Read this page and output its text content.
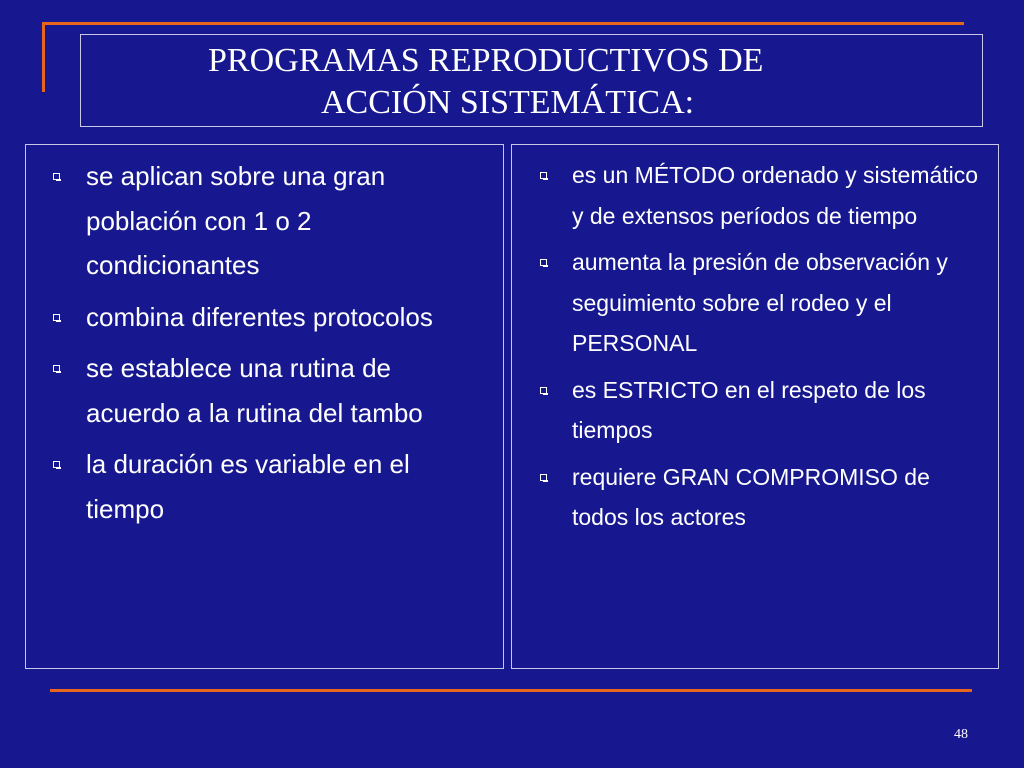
PROGRAMAS REPRODUCTIVOS DE
ACCIÓN SISTEMÁTICA:
se aplican sobre una gran población con 1 o 2 condicionantes
combina diferentes protocolos
se establece una rutina de acuerdo a la rutina del tambo
la duración es variable en el tiempo
es un MÉTODO ordenado y sistemático y de extensos períodos de tiempo
aumenta la presión de observación y seguimiento sobre el rodeo y el PERSONAL
es ESTRICTO en el respeto de los tiempos
requiere GRAN COMPROMISO de todos los actores
48
